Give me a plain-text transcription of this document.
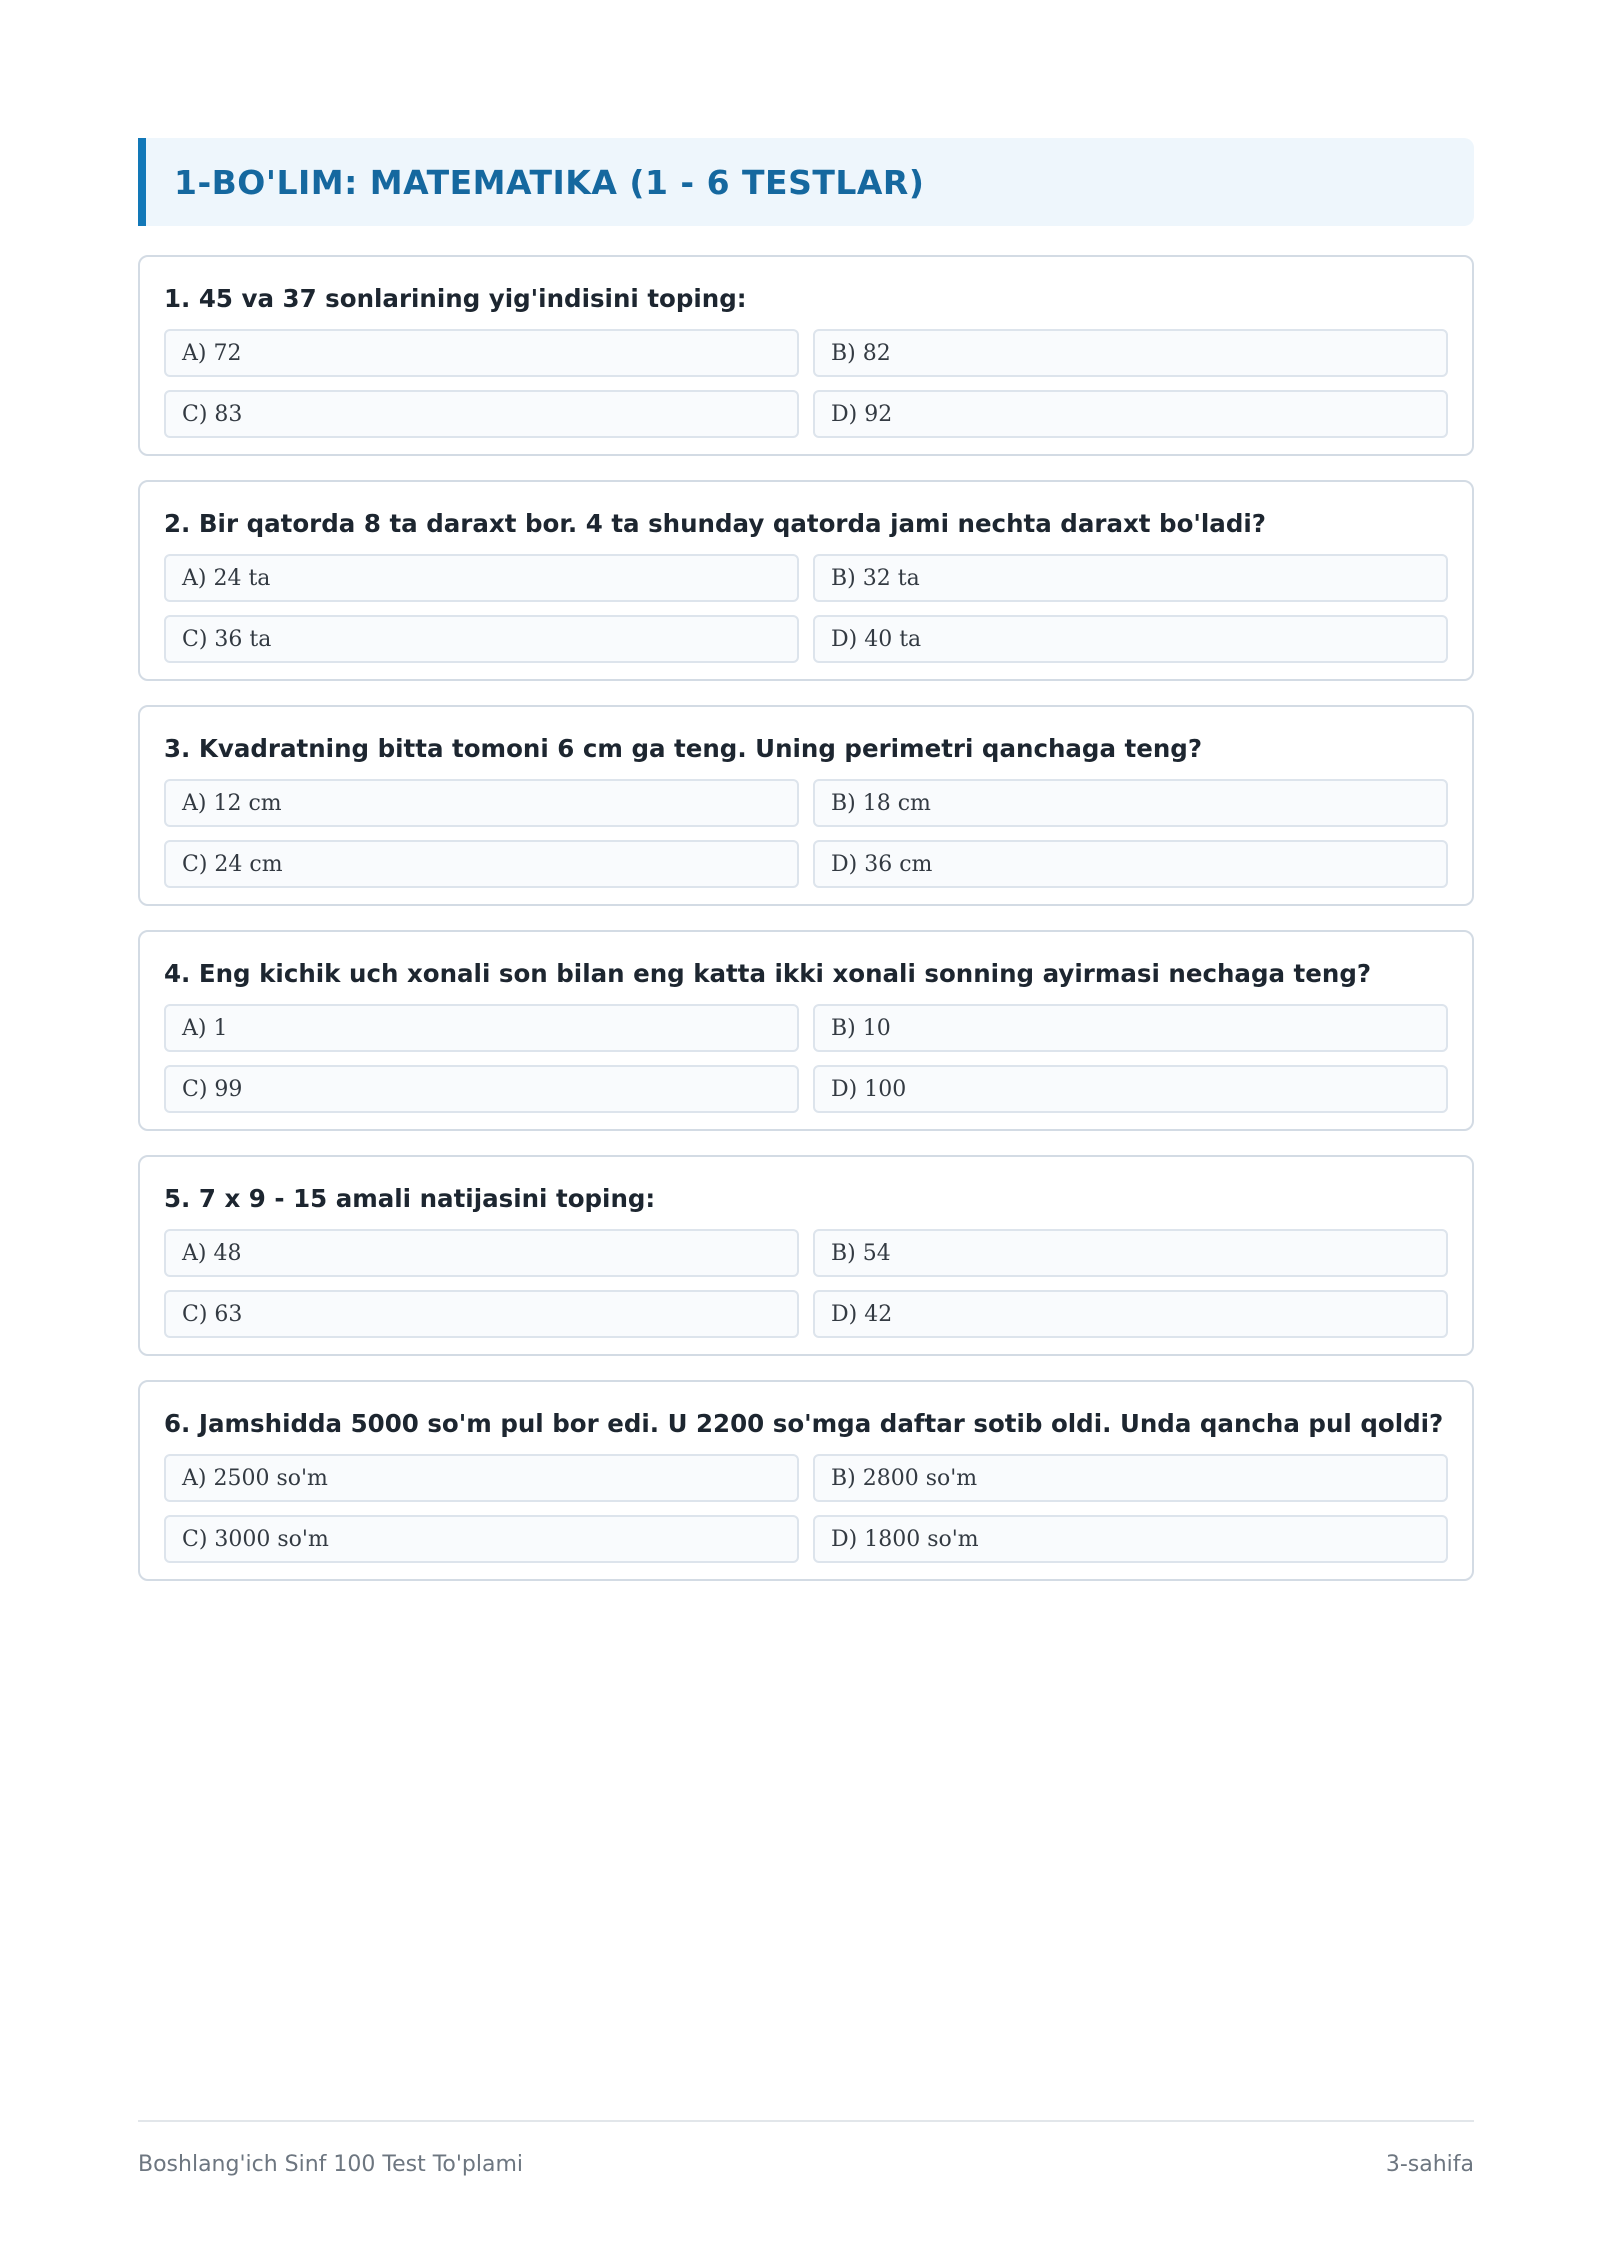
1-BO'LIM: MATEMATIKA (1 - 6 TESTLAR)
1. 45 va 37 sonlarining yig'indisini toping:
A) 72	B) 82
C) 83	D) 92
2. Bir qatorda 8 ta daraxt bor. 4 ta shunday qatorda jami nechta daraxt bo'ladi?
A) 24 ta	B) 32 ta
C) 36 ta	D) 40 ta
3. Kvadratning bitta tomoni 6 cm ga teng. Uning perimetri qanchaga teng?
A) 12 cm	B) 18 cm
C) 24 cm	D) 36 cm
4. Eng kichik uch xonali son bilan eng katta ikki xonali sonning ayirmasi nechaga teng?
A) 1	B) 10
C) 99	D) 100
5. 7 x 9 - 15 amali natijasini toping:
A) 48	B) 54
C) 63	D) 42
6. Jamshidda 5000 so'm pul bor edi. U 2200 so'mga daftar sotib oldi. Unda qancha pul qoldi?
A) 2500 so'm	B) 2800 so'm
C) 3000 so'm	D) 1800 so'm
Boshlang'ich Sinf 100 Test To'plami	3-sahifa
